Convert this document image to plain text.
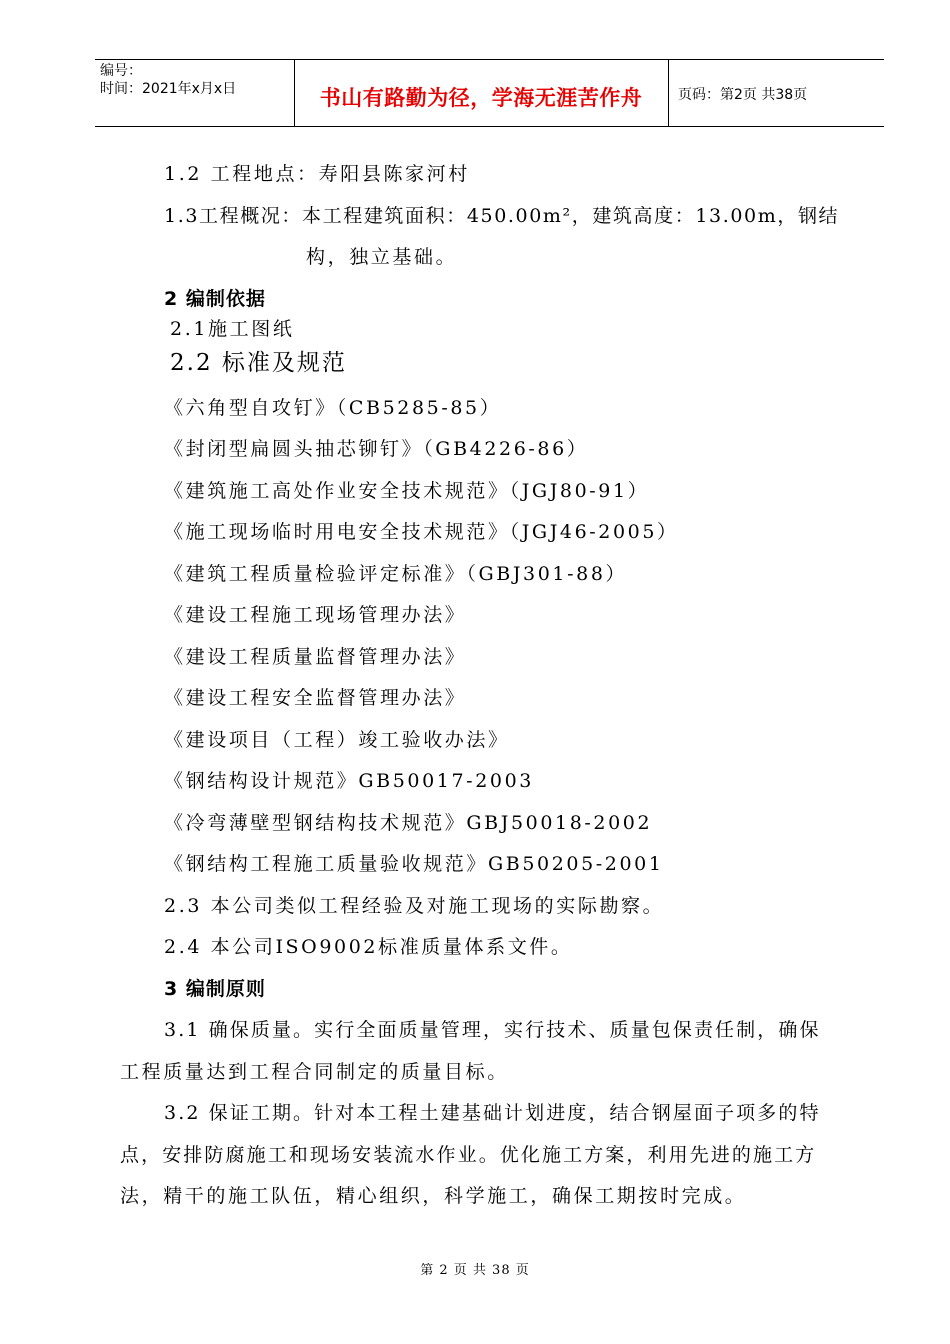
编号：
时间：2021年x月x日	书山有路勤为径，学海无涯苦作舟	页码：第2页 共38页
1.2 工程地点：寿阳县陈家河村
1.3工程概况：本工程建筑面积：450.00m²，建筑高度：13.00m，钢结
构，独立基础。
2 编制依据
2.1施工图纸
2.2 标准及规范
《六角型自攻钉》（CB5285-85）
《封闭型扁圆头抽芯铆钉》（GB4226-86）
《建筑施工高处作业安全技术规范》（JGJ80-91）
《施工现场临时用电安全技术规范》（JGJ46-2005）
《建筑工程质量检验评定标准》（GBJ301-88）
《建设工程施工现场管理办法》
《建设工程质量监督管理办法》
《建设工程安全监督管理办法》
《建设项目（工程）竣工验收办法》
《钢结构设计规范》GB50017-2003
《冷弯薄壁型钢结构技术规范》GBJ50018-2002
《钢结构工程施工质量验收规范》GB50205-2001
2.3 本公司类似工程经验及对施工现场的实际勘察。
2.4 本公司ISO9002标准质量体系文件。
3 编制原则
3.1 确保质量。实行全面质量管理，实行技术、质量包保责任制，确保
工程质量达到工程合同制定的质量目标。
3.2 保证工期。针对本工程土建基础计划进度，结合钢屋面子项多的特
点，安排防腐施工和现场安装流水作业。优化施工方案，利用先进的施工方
法，精干的施工队伍，精心组织，科学施工，确保工期按时完成。
第 2 页 共 38 页
